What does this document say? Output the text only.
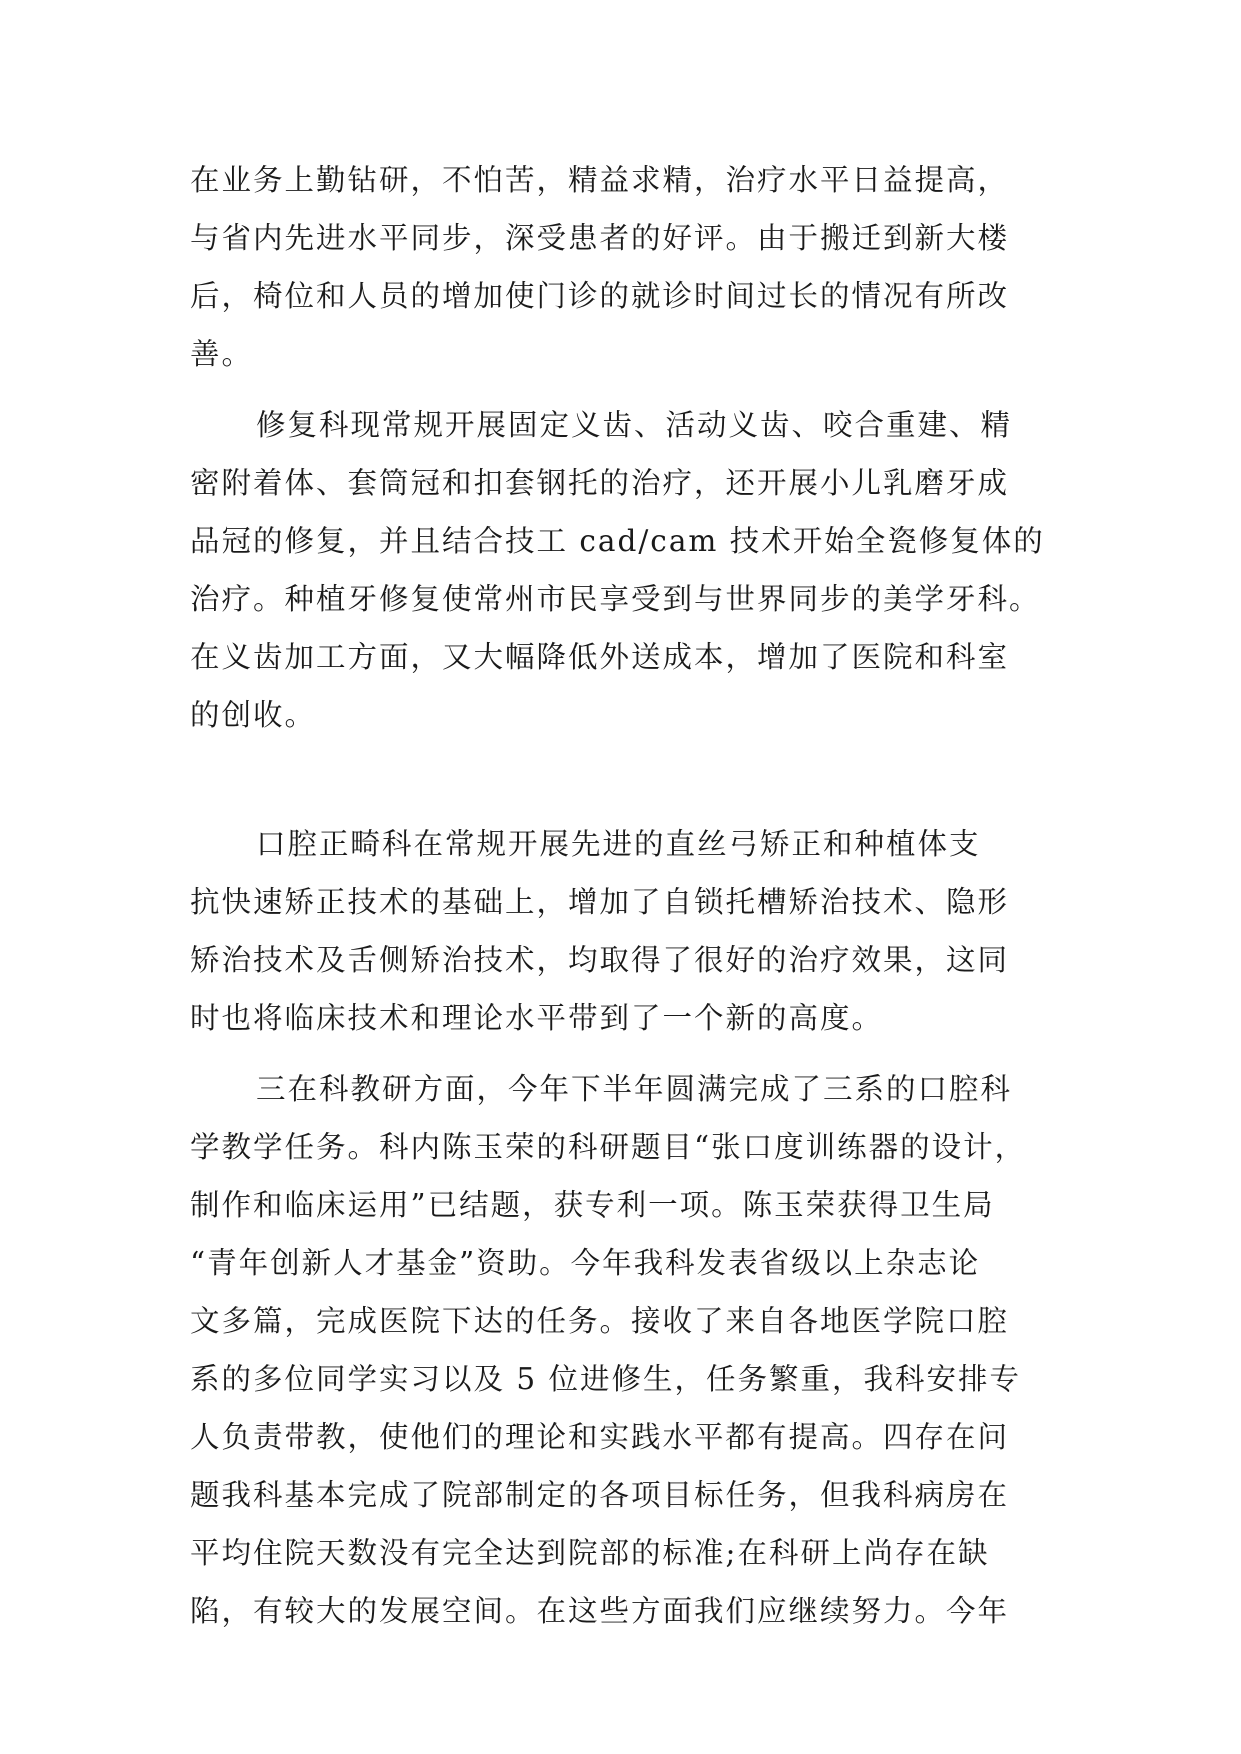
在业务上勤钻研，不怕苦，精益求精，治疗水平日益提高，
与省内先进水平同步，深受患者的好评。由于搬迁到新大楼
后，椅位和人员的增加使门诊的就诊时间过长的情况有所改
善。
修复科现常规开展固定义齿、活动义齿、咬合重建、精
密附着体、套筒冠和扣套钢托的治疗，还开展小儿乳磨牙成
品冠的修复，并且结合技工 cad/cam 技术开始全瓷修复体的
治疗。种植牙修复使常州市民享受到与世界同步的美学牙科。
在义齿加工方面，又大幅降低外送成本，增加了医院和科室
的创收。
口腔正畸科在常规开展先进的直丝弓矫正和种植体支
抗快速矫正技术的基础上，增加了自锁托槽矫治技术、隐形
矫治技术及舌侧矫治技术，均取得了很好的治疗效果，这同
时也将临床技术和理论水平带到了一个新的高度。
三在科教研方面，今年下半年圆满完成了三系的口腔科
学教学任务。科内陈玉荣的科研题目“张口度训练器的设计，
制作和临床运用”已结题，获专利一项。陈玉荣获得卫生局
“青年创新人才基金”资助。今年我科发表省级以上杂志论
文多篇，完成医院下达的任务。接收了来自各地医学院口腔
系的多位同学实习以及 5 位进修生，任务繁重，我科安排专
人负责带教，使他们的理论和实践水平都有提高。四存在问
题我科基本完成了院部制定的各项目标任务，但我科病房在
平均住院天数没有完全达到院部的标准;在科研上尚存在缺
陷，有较大的发展空间。在这些方面我们应继续努力。今年
